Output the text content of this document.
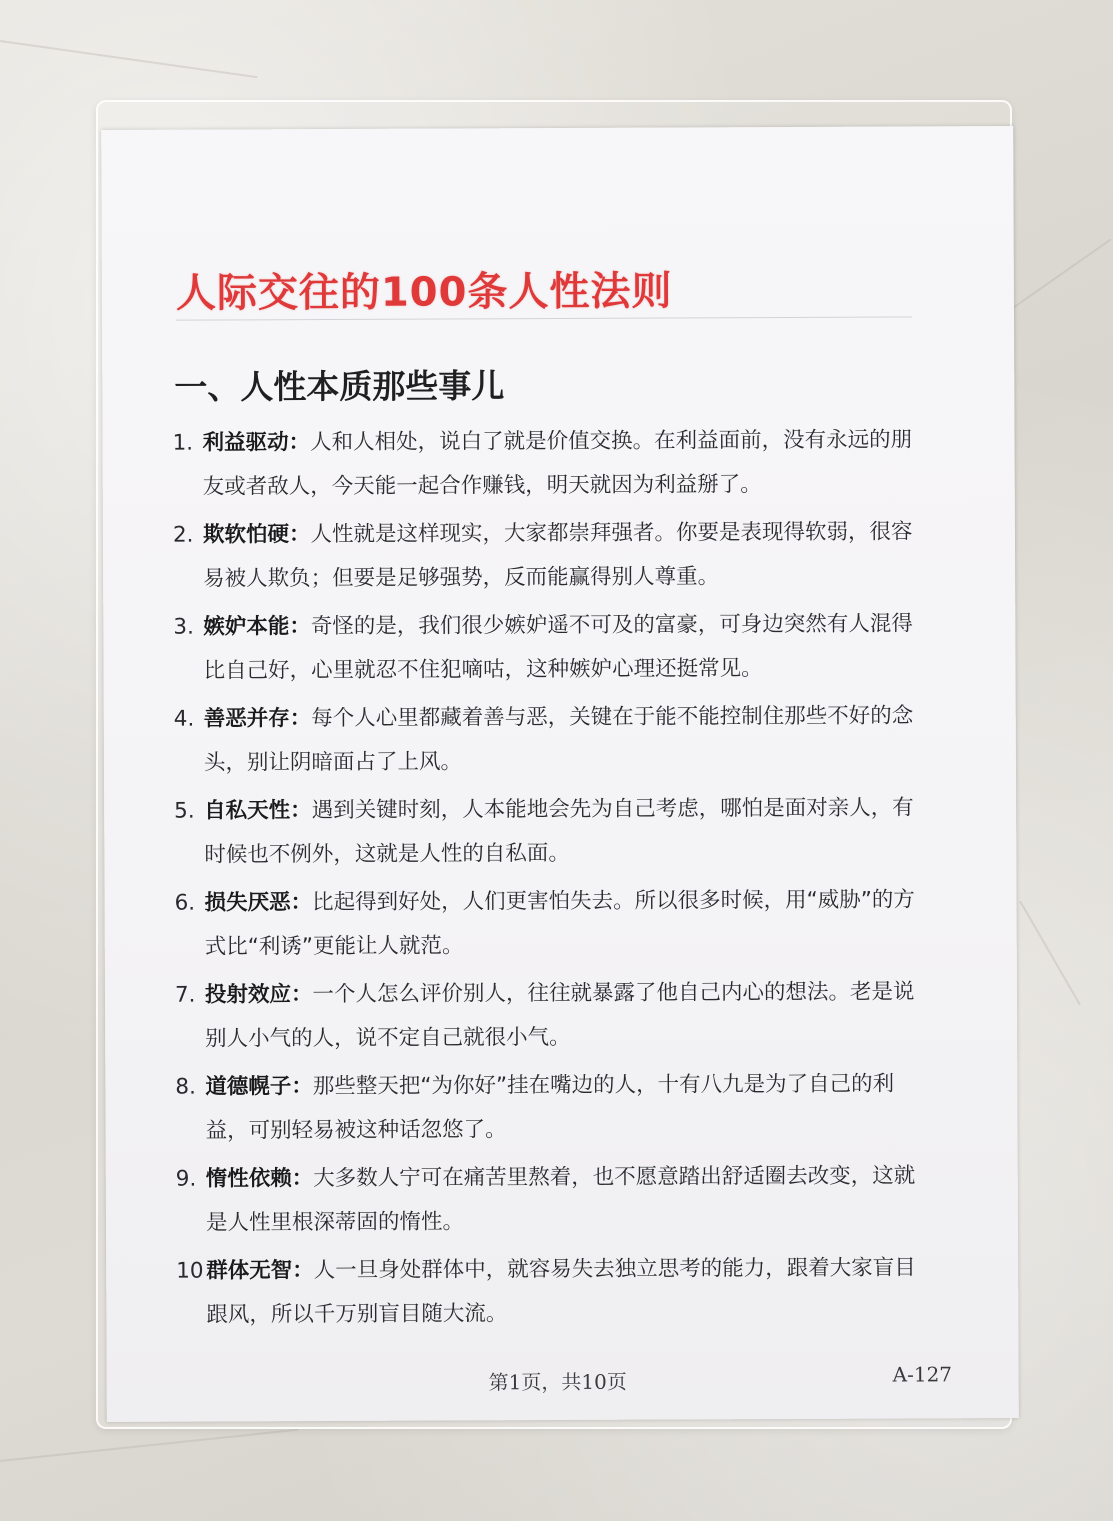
人际交往的100条人性法则
一、人性本质那些事儿
1. 利益驱动：人和人相处，说白了就是价值交换。在利益面前，没有永远的朋友或者敌人，今天能一起合作赚钱，明天就因为利益掰了。
2. 欺软怕硬：人性就是这样现实，大家都崇拜强者。你要是表现得软弱，很容易被人欺负；但要是足够强势，反而能赢得别人尊重。
3. 嫉妒本能：奇怪的是，我们很少嫉妒遥不可及的富豪，可身边突然有人混得比自己好，心里就忍不住犯嘀咕，这种嫉妒心理还挺常见。
4. 善恶并存：每个人心里都藏着善与恶，关键在于能不能控制住那些不好的念头，别让阴暗面占了上风。
5. 自私天性：遇到关键时刻，人本能地会先为自己考虑，哪怕是面对亲人，有时候也不例外，这就是人性的自私面。
6. 损失厌恶：比起得到好处，人们更害怕失去。所以很多时候，用“威胁”的方式比“利诱”更能让人就范。
7. 投射效应：一个人怎么评价别人，往往就暴露了他自己内心的想法。老是说别人小气的人，说不定自己就很小气。
8. 道德幌子：那些整天把“为你好”挂在嘴边的人，十有八九是为了自己的利益，可别轻易被这种话忽悠了。
9. 惰性依赖：大多数人宁可在痛苦里熬着，也不愿意踏出舒适圈去改变，这就是人性里根深蒂固的惰性。
10 群体无智：人一旦身处群体中，就容易失去独立思考的能力，跟着大家盲目跟风，所以千万别盲目随大流。
第1页，共10页	A-127
